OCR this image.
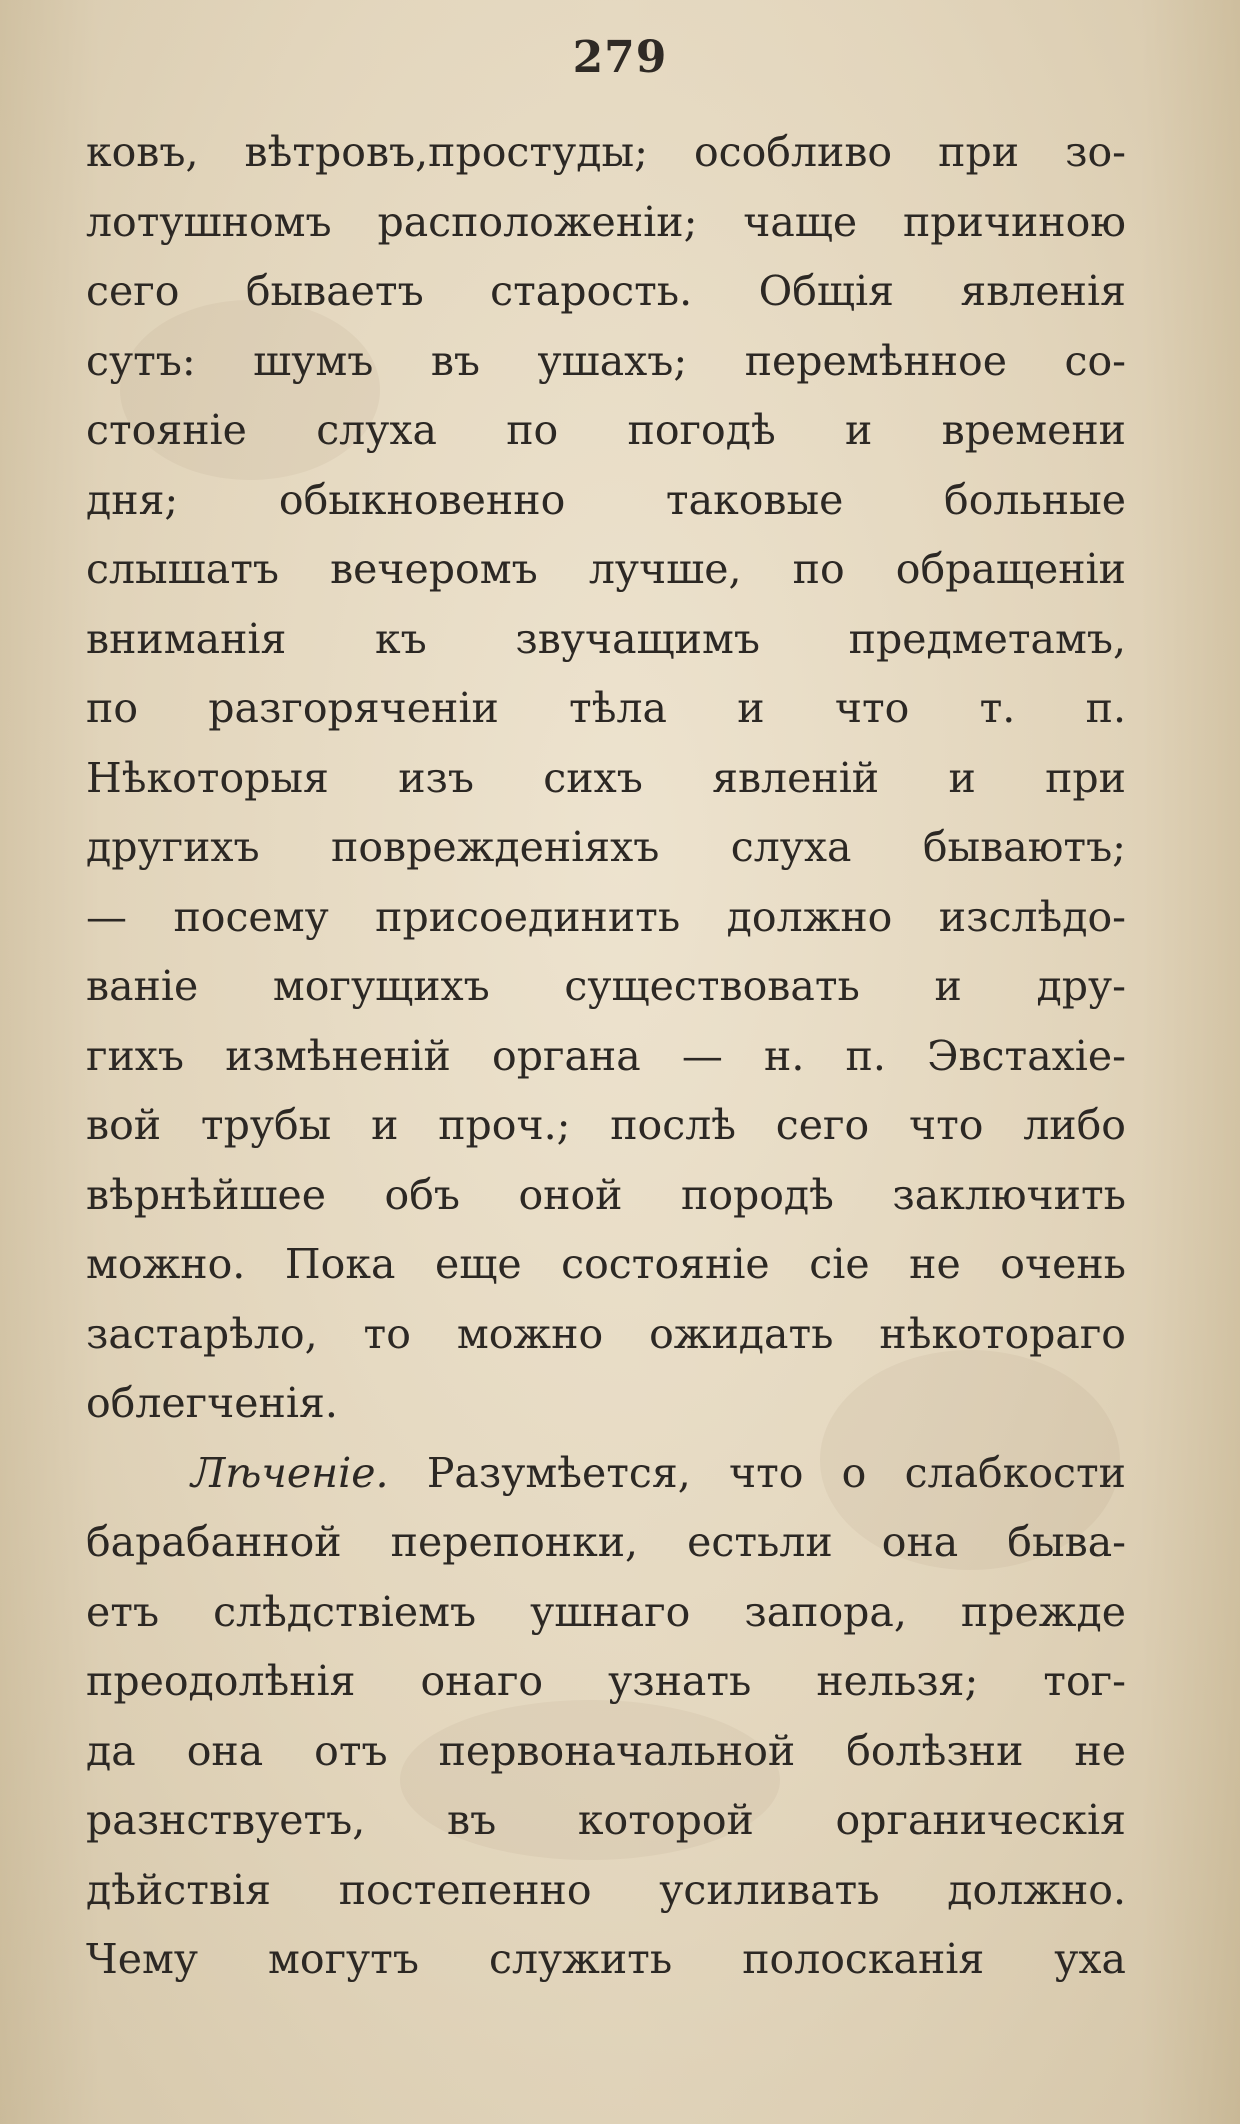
279
ковъ, вѣтровъ,простуды; особливо при зо-
лотушномъ расположеніи; чаще причиною
сего бываетъ старость. Общія явленія
сутъ: шумъ въ ушахъ; перемѣнное со-
стояніе слуха по погодѣ и времени
дня; обыкновенно таковые больные
слышатъ вечеромъ лучше, по обращеніи
вниманія къ звучащимъ предметамъ,
по разгоряченіи тѣла и что т. п.
Нѣкоторыя изъ сихъ явленій и при
другихъ поврежденіяхъ слуха бываютъ;
— посему присоединить должно изслѣдо-
ваніе могущихъ существовать и дру-
гихъ измѣненій органа — н. п. Эвстахіе-
вой трубы и проч.; послѣ сего что либо
вѣрнѣйшее объ оной породѣ заключить
можно. Пока еще состояніе сіе не очень
застарѣло, то можно ожидать нѣкотораго
облегченія.
Лѣченіе. Разумѣется, что о слабкости
барабанной перепонки, естьли она быва-
етъ слѣдствіемъ ушнаго запора, прежде
преодолѣнія онаго узнать нельзя; тог-
да она отъ первоначальной болѣзни не
разнствуетъ, въ которой органическія
дѣйствія постепенно усиливать должно.
Чему могутъ служить полосканія уха
